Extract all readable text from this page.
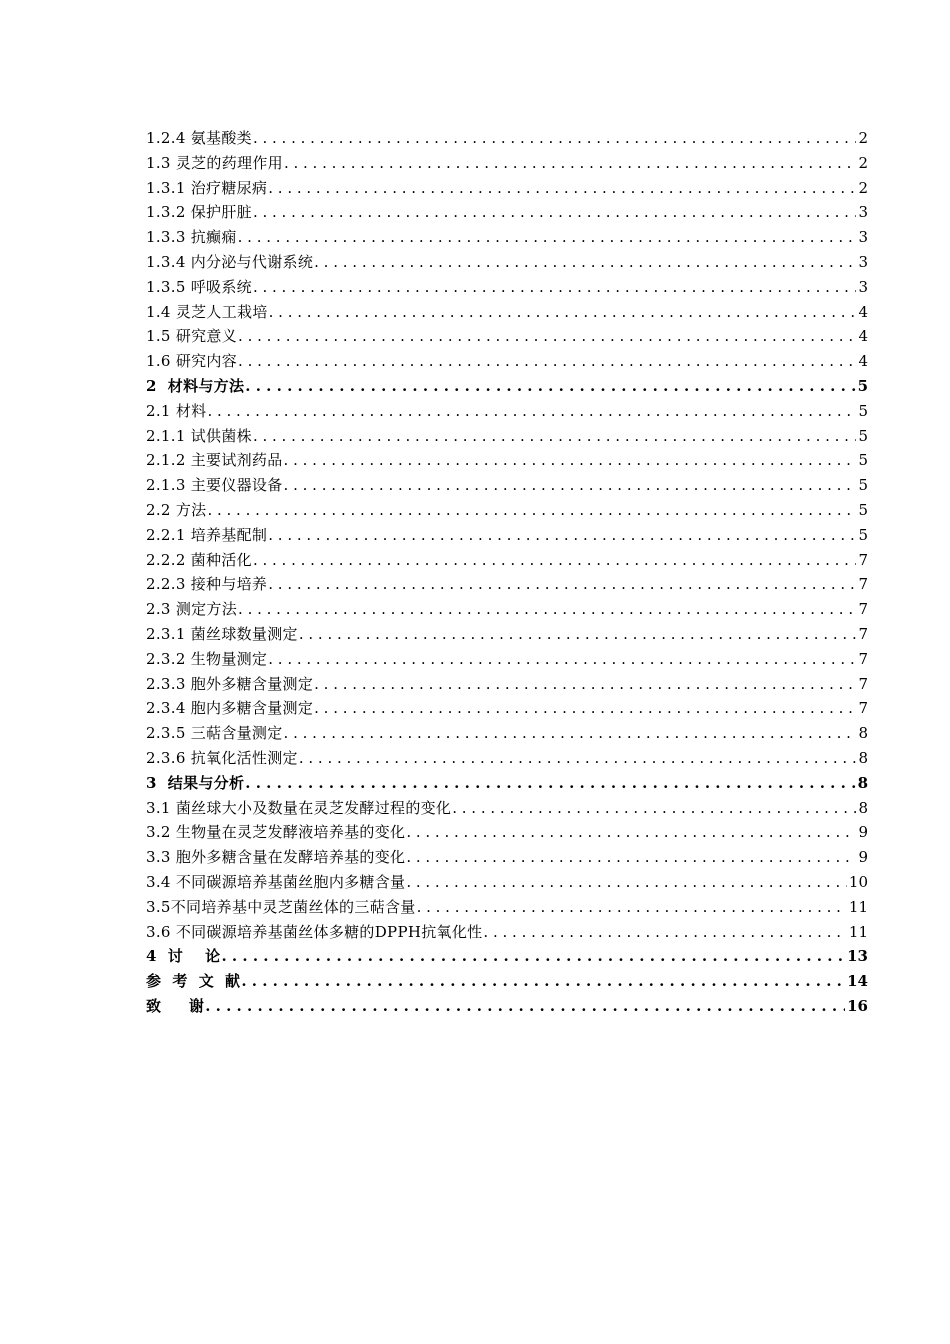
1.2.4 氨基酸类 . . .	2
1.3 灵芝的药理作用 . . .	2
1.3.1 治疗糖尿病 . . .	2
1.3.2 保护肝脏 . . .	3
1.3.3 抗癫痫 . . .	3
1.3.4 内分泌与代谢系统 . . .	3
1.3.5 呼吸系统 . . .	3
1.4 灵芝人工栽培 . . .	4
1.5 研究意义 . . .	4
1.6 研究内容 . . .	4
2  材料与方法 . . .	5
2.1 材料 . . .	5
2.1.1 试供菌株 . . .	5
2.1.2 主要试剂药品 . . .	5
2.1.3 主要仪器设备 . . .	5
2.2 方法 . . .	5
2.2.1 培养基配制 . . .	5
2.2.2 菌种活化 . . .	7
2.2.3 接种与培养 . . .	7
2.3 测定方法 . . .	7
2.3.1 菌丝球数量测定 . . .	7
2.3.2 生物量测定 . . .	7
2.3.3 胞外多糖含量测定 . . .	7
2.3.4 胞内多糖含量测定 . . .	7
2.3.5 三萜含量测定 . . .	8
2.3.6 抗氧化活性测定 . . .	8
3  结果与分析 . . .	8
3.1 菌丝球大小及数量在灵芝发酵过程的变化 . . .	8
3.2 生物量在灵芝发酵液培养基的变化 . . .	9
3.3 胞外多糖含量在发酵培养基的变化 . . .	9
3.4 不同碳源培养基菌丝胞内多糖含量 . . .	10
3.5不同培养基中灵芝菌丝体的三萜含量 . . .	11
3.6 不同碳源培养基菌丝体多糖的DPPH抗氧化性 . . .	11
4  讨    论 . . .	13
参  考  文  献 . . .	14
致     谢 . . .	16
